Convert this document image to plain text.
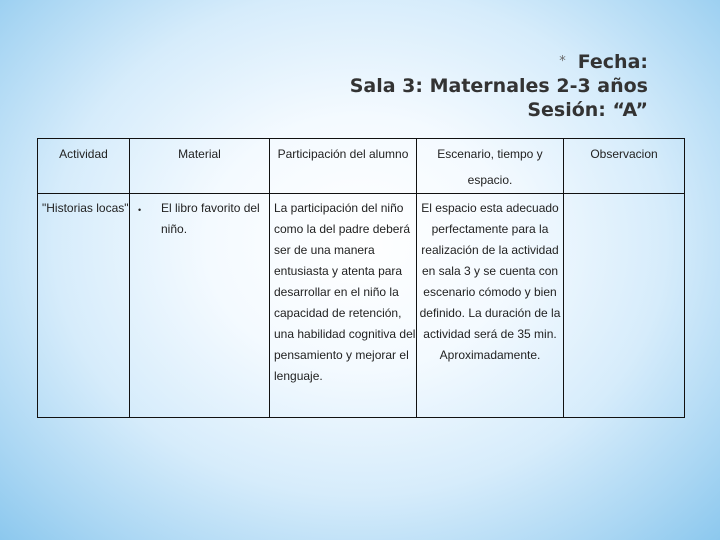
* Fecha:
Sala 3: Maternales 2-3 años
Sesión: “A”
Actividad	Material	Participación del alumno	Escenario, tiempo y espacio.	Observacion
"Historias locas"	• El libro favorito del niño.	La participación del niño como la del padre deberá ser de una manera entusiasta y atenta para desarrollar en el niño la capacidad de retención, una habilidad cognitiva del pensamiento y mejorar el lenguaje.	El espacio esta adecuado perfectamente para la realización de la actividad en sala 3 y se cuenta con escenario cómodo y bien definido. La duración de la actividad será de 35 min. Aproximadamente.	
